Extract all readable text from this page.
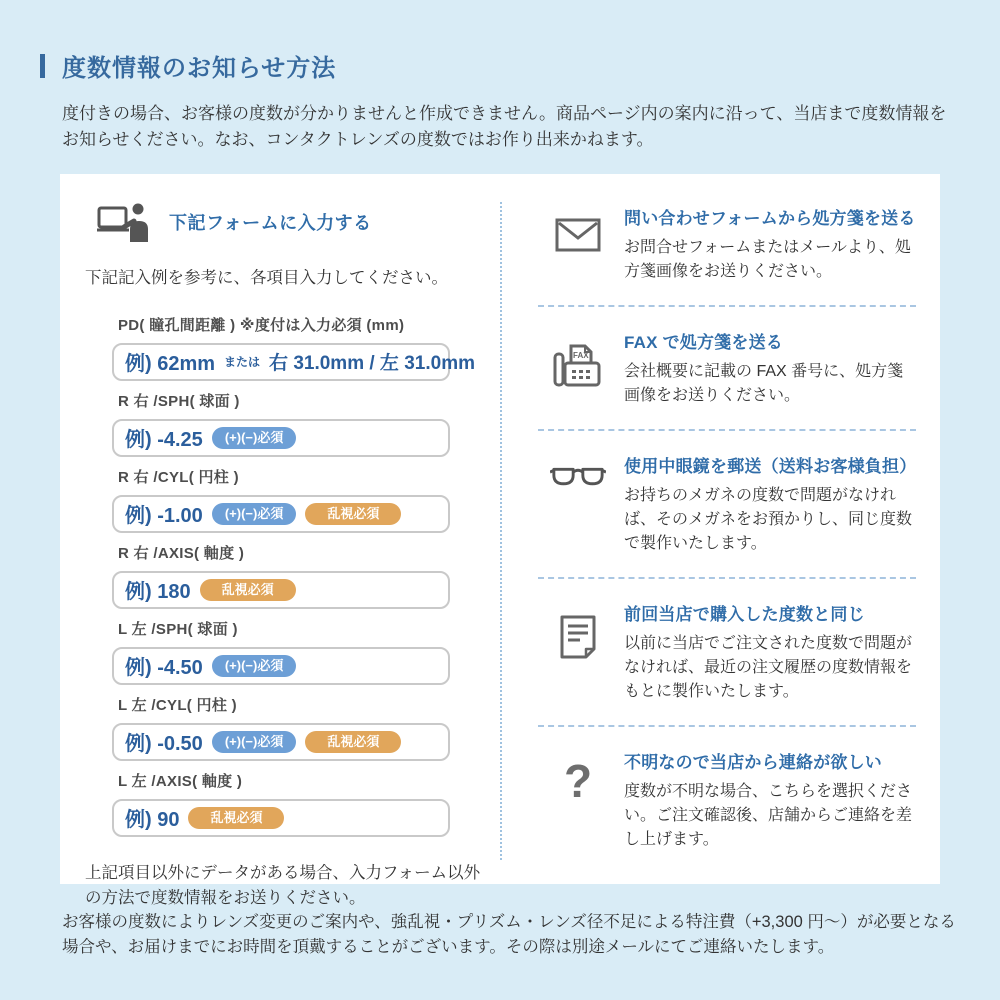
度数情報のお知らせ方法

度付きの場合、お客様の度数が分かりませんと作成できません。商品ページ内の案内に沿って、当店まで度数情報をお知らせください。なお、コンタクトレンズの度数ではお作り出来かねます。

下記フォームに入力する

下記記入例を参考に、各項目入力してください。

PD( 瞳孔間距離 ) ※度付は入力必須 (mm)
例) 62mm または 右 31.0mm / 左 31.0mm
R 右 /SPH( 球面 )
例) -4.25	(+)(−)必須
R 右 /CYL( 円柱 )
例) -1.00	(+)(−)必須	乱視必須
R 右 /AXIS( 軸度 )
例) 180	乱視必須
L 左 /SPH( 球面 )
例) -4.50	(+)(−)必須
L 左 /CYL( 円柱 )
例) -0.50	(+)(−)必須	乱視必須
L 左 /AXIS( 軸度 )
例) 90	乱視必須

上記項目以外にデータがある場合、入力フォーム以外の方法で度数情報をお送りください。

問い合わせフォームから処方箋を送る

お問合せフォームまたはメールより、処方箋画像をお送りください。

FAX
FAX で処方箋を送る

会社概要に記載の FAX 番号に、処方箋画像をお送りください。

使用中眼鏡を郵送（送料お客様負担）

お持ちのメガネの度数で問題がなければ、そのメガネをお預かりし、同じ度数で製作いたします。

前回当店で購入した度数と同じ

以前に当店でご注文された度数で問題がなければ、最近の注文履歴の度数情報をもとに製作いたします。

? 不明なので当店から連絡が欲しい

度数が不明な場合、こちらを選択ください。ご注文確認後、店舗からご連絡を差し上げます。

お客様の度数によりレンズ変更のご案内や、強乱視・プリズム・レンズ径不足による特注費（+3,300 円〜）が必要となる場合や、お届けまでにお時間を頂戴することがございます。その際は別途メールにてご連絡いたします。
